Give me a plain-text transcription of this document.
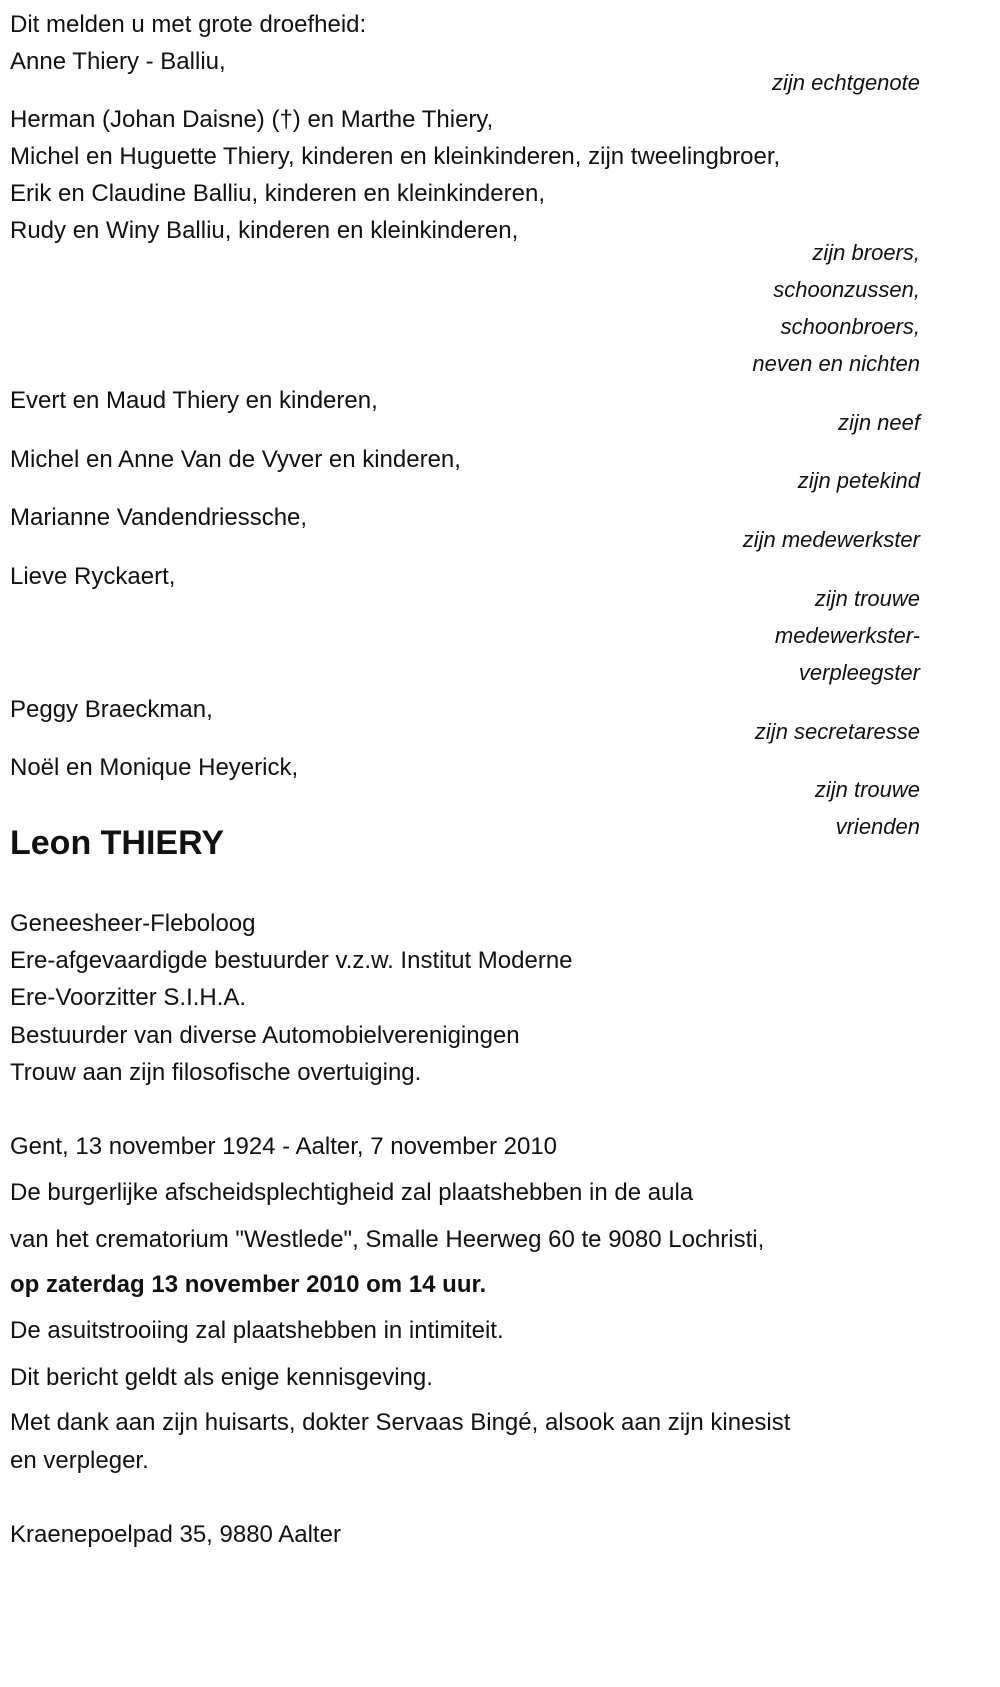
Dit melden u met grote droefheid:
Anne Thiery - Balliu,
Herman (Johan Daisne) (†) en Marthe Thiery,
Michel en Huguette Thiery, kinderen en kleinkinderen, zijn tweelingbroer,
Erik en Claudine Balliu, kinderen en kleinkinderen,
Rudy en Winy Balliu, kinderen en kleinkinderen,
Evert en Maud Thiery en kinderen,
Michel en Anne Van de Vyver en kinderen,
Marianne Vandendriessche,
Lieve Ryckaert,
Peggy Braeckman,
Noël en Monique Heyerick,
zijn echtgenote
zijn broers,
schoonzussen,
schoonbroers,
neven en nichten
zijn neef
zijn petekind
zijn medewerkster
zijn trouwe
medewerkster-
verpleegster
zijn secretaresse
zijn trouwe
vrienden
Leon THIERY
Geneesheer-Fleboloog
Ere-afgevaardigde bestuurder v.z.w. Institut Moderne
Ere-Voorzitter S.I.H.A.
Bestuurder van diverse Automobielverenigingen
Trouw aan zijn filosofische overtuiging.
Gent, 13 november 1924 - Aalter, 7 november 2010
De burgerlijke afscheidsplechtigheid zal plaatshebben in de aula
van het crematorium "Westlede", Smalle Heerweg 60 te 9080 Lochristi,
op zaterdag 13 november 2010 om 14 uur.
De asuitstrooiing zal plaatshebben in intimiteit.
Dit bericht geldt als enige kennisgeving.
Met dank aan zijn huisarts, dokter Servaas Bingé, alsook aan zijn kinesist
en verpleger.
Kraenepoelpad 35, 9880 Aalter
